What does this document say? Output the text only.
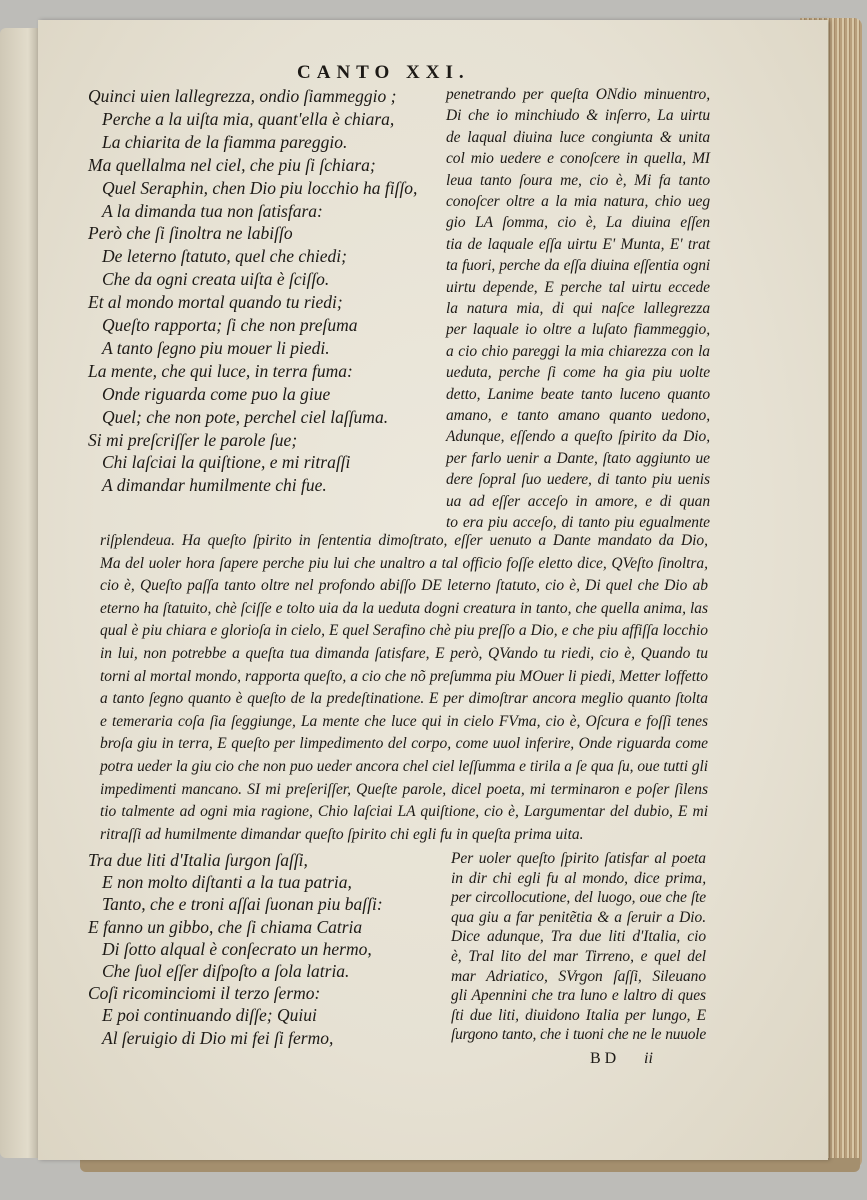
CANTO XXI.
Quinci uien lallegrezza, ondio ſiammeggio ;
Perche a la uiſta mia, quant'ella è chiara,
La chiarita de la fiamma pareggio.
Ma quellalma nel ciel, che piu ſi ſchiara;
Quel Seraphin, chen Dio piu locchio ha fiſſo,
A la dimanda tua non ſatisfara:
Però che ſi ſinoltra ne labiſſo
De leterno ſtatuto, quel che chiedi;
Che da ogni creata uiſta è ſciſſo.
Et al mondo mortal quando tu riedi;
Queſto rapporta; ſi che non preſuma
A tanto ſegno piu mouer li piedi.
La mente, che qui luce, in terra fuma:
Onde riguarda come puo la giue
Quel; che non pote, perchel ciel laſſuma.
Si mi preſcriſſer le parole ſue;
Chi laſciai la quiſtione, e mi ritraſſi
A dimandar humilmente chi fue.
penetrando per queſta ONdio minuentro,
Di che io minchiudo & inſerro, La uirtu
de laqual diuina luce congiunta & unita
col mio uedere e conoſcere in quella, MI
leua tanto ſoura me, cio è, Mi fa tanto
conoſcer oltre a la mia natura, chio ueg
gio LA ſomma, cio è, La diuina eſſen
tia de laquale eſſa uirtu E' Munta, E' trat
ta fuori, perche da eſſa diuina eſſentia ogni
uirtu depende, E perche tal uirtu eccede
la natura mia, di qui naſce lallegrezza
per laquale io oltre a luſato fiammeggio,
a cio chio pareggi la mia chiarezza con la
ueduta, perche ſi come ha gia piu uolte
detto, Lanime beate tanto luceno quanto
amano, e tanto amano quanto uedono,
Adunque, eſſendo a queſto ſpirito da Dio,
per farlo uenir a Dante, ſtato aggiunto ue
dere ſopral ſuo uedere, di tanto piu uenis
ua ad eſſer acceſo in amore, e di quan
to era piu acceſo, di tanto piu egualmente
riſplendeua. Ha queſto ſpirito in ſententia dimoſtrato, eſſer uenuto a Dante mandato da Dio,
Ma del uoler hora ſapere perche piu lui che unaltro a tal officio foſſe eletto dice, QVeſto ſinoltra,
cio è, Queſto paſſa tanto oltre nel profondo abiſſo DE leterno ſtatuto, cio è, Di quel che Dio ab
eterno ha ſtatuito, chè ſciſſe e tolto uia da la ueduta dogni creatura in tanto, che quella anima, las
qual è piu chiara e glorioſa in cielo, E quel Serafino chè piu preſſo a Dio, e che piu affiſſa locchio
in lui, non potrebbe a queſta tua dimanda ſatisfare, E però, QVando tu riedi, cio è, Quando tu
torni al mortal mondo, rapporta queſto, a cio che nõ preſumma piu MOuer li piedi, Metter loffetto
a tanto ſegno quanto è queſto de la predeſtinatione. E per dimoſtrar ancora meglio quanto ſtolta
e temeraria coſa ſia ſeggiunge, La mente che luce qui in cielo FVma, cio è, Oſcura e foſſi tenes
broſa giu in terra, E queſto per limpedimento del corpo, come uuol inferire, Onde riguarda come
potra ueder la giu cio che non puo ueder ancora chel ciel leſſumma e tirila a ſe qua ſu, oue tutti gli
impedimenti mancano. SI mi preſeriſſer, Queſte parole, dicel poeta, mi terminaron e poſer ſilens
tio talmente ad ogni mia ragione, Chio laſciai LA quiſtione, cio è, Largumentar del dubio, E mi
ritraſſi ad humilmente dimandar queſto ſpirito chi egli fu in queſta prima uita.
Tra due liti d'Italia ſurgon ſaſſi,
E non molto diſtanti a la tua patria,
Tanto, che e troni aſſai ſuonan piu baſſi:
E fanno un gibbo, che ſi chiama Catria
Di ſotto alqual è conſecrato un hermo,
Che ſuol eſſer diſpoſto a ſola latria.
Coſi ricominciomi il terzo ſermo:
E poi continuando diſſe; Quiui
Al ſeruigio di Dio mi fei ſi fermo,
Per uoler queſto ſpirito ſatisfar al poeta
in dir chi egli fu al mondo, dice prima,
per circollocutione, del luogo, oue che ſte
qua giu a far penitẽtia & a ſeruir a Dio.
Dice adunque, Tra due liti d'Italia, cio
è, Tral lito del mar Tirreno, e quel del
mar Adriatico, SVrgon ſaſſi, Sileuano
gli Apennini che tra luno e laltro di ques
ſti due liti, diuidono Italia per lungo, E
ſurgono tanto, che i tuoni che ne le nuuole
BD ii
